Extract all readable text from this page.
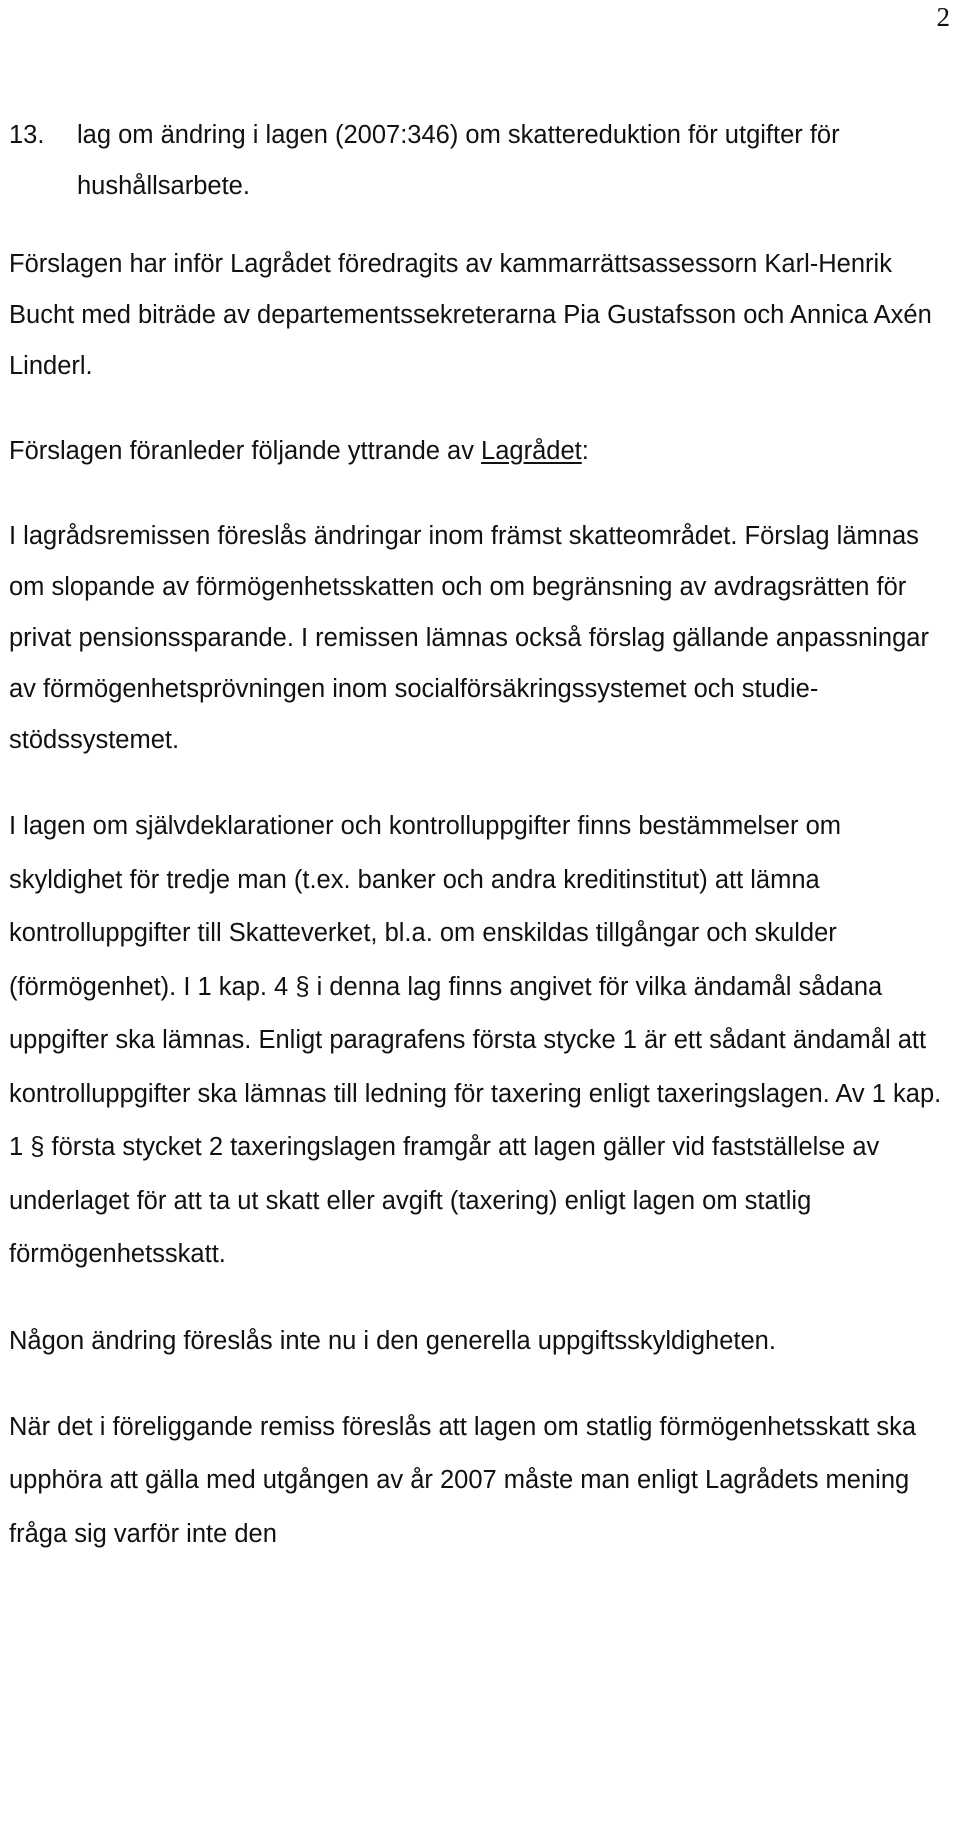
2
13.	lag om ändring i lagen (2007:346) om skattereduktion för utgifter för hushållsarbete.

Förslagen har inför Lagrådet föredragits av kammarrättsassessorn Karl-Henrik Bucht med biträde av departementssekreterarna Pia Gustafsson och Annica Axén Linderl.

Förslagen föranleder följande yttrande av Lagrådet:

I lagrådsremissen föreslås ändringar inom främst skatteområdet. Förslag lämnas om slopande av förmögenhetsskatten och om begränsning av avdragsrätten för privat pensionssparande. I remissen lämnas också förslag gällande anpassningar av förmögenhetsprövningen inom socialförsäkringssystemet och studiestödssystemet.

I lagen om självdeklarationer och kontrolluppgifter finns bestämmelser om skyldighet för tredje man (t.ex. banker och andra kreditinstitut) att lämna kontrolluppgifter till Skatteverket, bl.a. om enskildas tillgångar och skulder (förmögenhet). I 1 kap. 4 § i denna lag finns angivet för vilka ändamål sådana uppgifter ska lämnas. Enligt paragrafens första stycke 1 är ett sådant ändamål att kontrolluppgifter ska lämnas till ledning för taxering enligt taxeringslagen. Av 1 kap. 1 § första stycket 2 taxeringslagen framgår att lagen gäller vid fastställelse av underlaget för att ta ut skatt eller avgift (taxering) enligt lagen om statlig förmögenhetsskatt.

Någon ändring föreslås inte nu i den generella uppgiftsskyldigheten.

När det i föreliggande remiss föreslås att lagen om statlig förmögenhetsskatt ska upphöra att gälla med utgången av år 2007 måste man enligt Lagrådets mening fråga sig varför inte den
